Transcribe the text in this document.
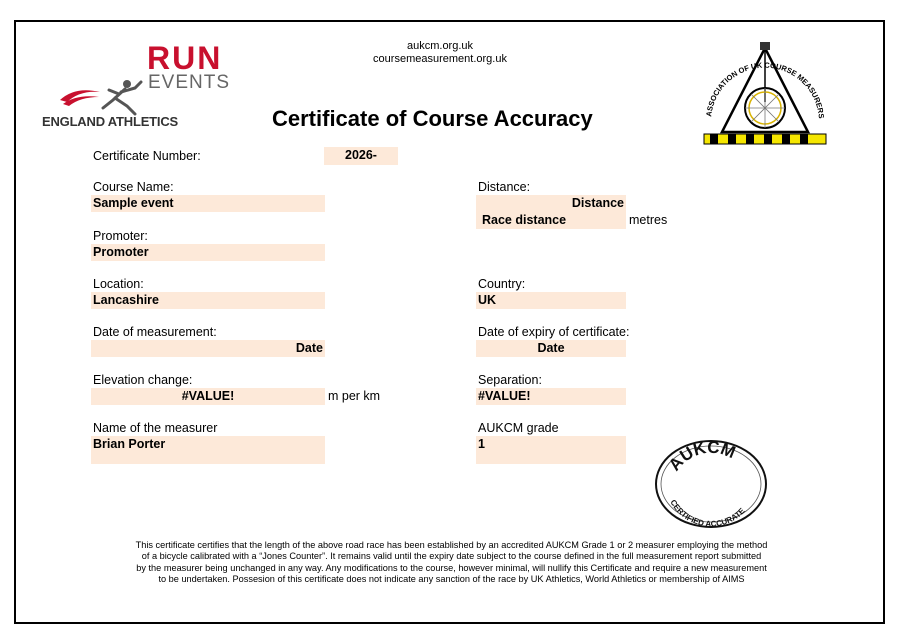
RUN
EVENTS
ENGLAND ATHLETICS
aukcm.org.uk
coursemeasurement.org.uk
Certificate of Course Accuracy	ASSOCIATION OF UK COURSE MEASURERS
Certificate Number:	2026-
Course Name:
Sample event
Distance:
Distance
Race distance	metres
Promoter:
Promoter
Location:
Lancashire
Country:
UK
Date of measurement:
Date
Date of expiry of certificate:
Date
Elevation change:
#VALUE!	m per km
Separation:
#VALUE!
Name of the measurer
Brian Porter
AUKCM grade
1
AUKCM
CERTIFIED ACCURATE
This certificate certifies that the length of the above road race has been established by an accredited AUKCM Grade 1 or 2 measurer employing the method
of a bicycle calibrated with a “Jones Counter”. It remains valid until the expiry date subject to the course defined in the full measurement report submitted
by the measurer being unchanged in any way. Any modifications to the course, however minimal, will nullify this Certificate and require a new measurement
to be undertaken. Possesion of this certificate does not indicate any sanction of the race by UK Athletics, World Athletics or membership of AIMS
